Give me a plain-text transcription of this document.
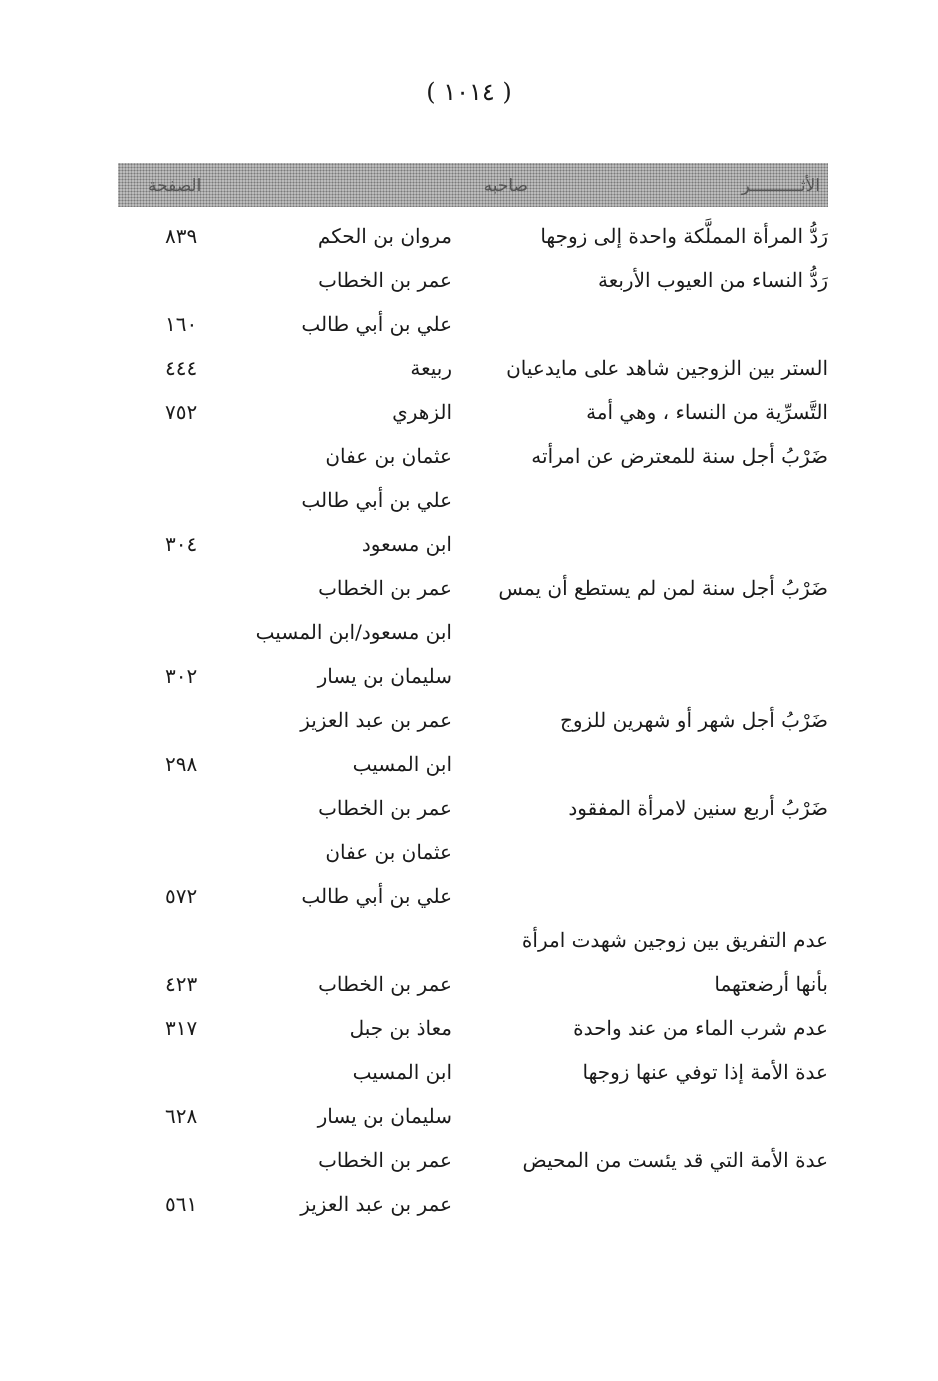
( ١٠١٤ )
الأثــــــــــر
صاحبه
الصفحة
رَدُّ المرأة المملَّكة واحدة إلى زوجها
مروان بن الحكم
٨٣٩
رَدُّ النساء من العيوب الأربعة
عمر بن الخطاب
علي بن أبي طالب
١٦٠
الستر بين الزوجين شاهد على مايدعيان
ربيعة
٤٤٤
التَّسرِّية من النساء ، وهي أمة
الزهري
٧٥٢
ضَرْبُ أجل سنة للمعترض عن امرأته
عثمان بن عفان
علي بن أبي طالب
ابن مسعود
٣٠٤
ضَرْبُ أجل سنة لمن لم يستطع أن يمس
عمر بن الخطاب
ابن مسعود/ابن المسيب
سليمان بن يسار
٣٠٢
ضَرْبُ أجل شهر أو شهرين للزوج
عمر بن عبد العزيز
ابن المسيب
٢٩٨
ضَرْبُ أربع سنين لامرأة المفقود
عمر بن الخطاب
عثمان بن عفان
علي بن أبي طالب
٥٧٢
عدم التفريق بين زوجين شهدت امرأة
بأنها أرضعتهما
عمر بن الخطاب
٤٢٣
عدم شرب الماء من عند واحدة
معاذ بن جبل
٣١٧
عدة الأمة إذا توفي عنها زوجها
ابن المسيب
سليمان بن يسار
٦٢٨
عدة الأمة التي قد يئست من المحيض
عمر بن الخطاب
عمر بن عبد العزيز
٥٦١
